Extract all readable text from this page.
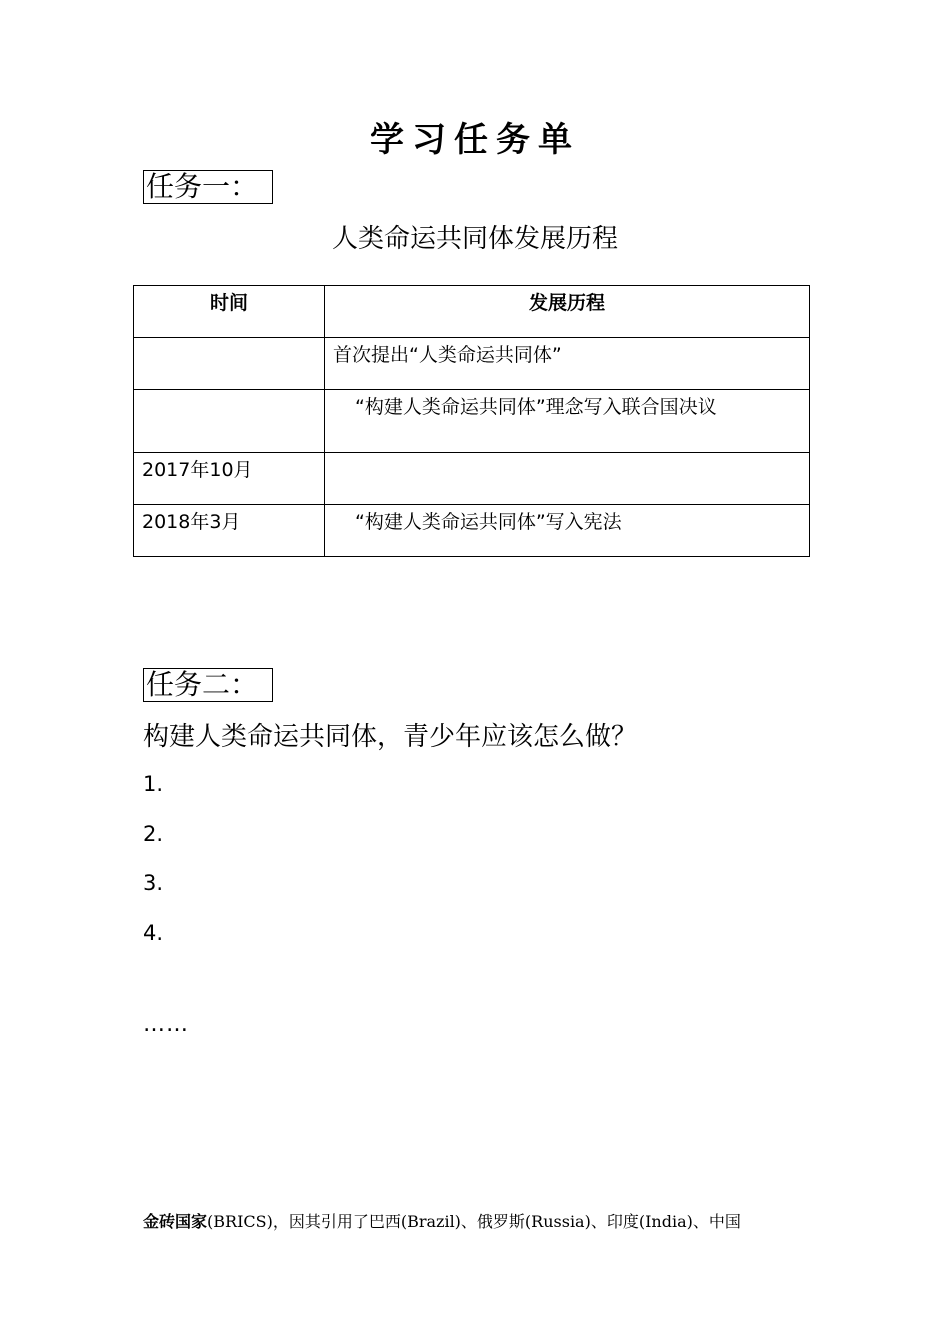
学习任务单
任务一：
人类命运共同体发展历程
时间	发展历程
	首次提出“人类命运共同体”
	“构建人类命运共同体”理念写入联合国决议
2017年10月	
2018年3月	“构建人类命运共同体”写入宪法
任务二：
构建人类命运共同体，青少年应该怎么做？
1.
2.
3.
4.
……
金砖国家(BRICS)，因其引用了巴西(Brazil)、俄罗斯(Russia)、印度(India)、中国
